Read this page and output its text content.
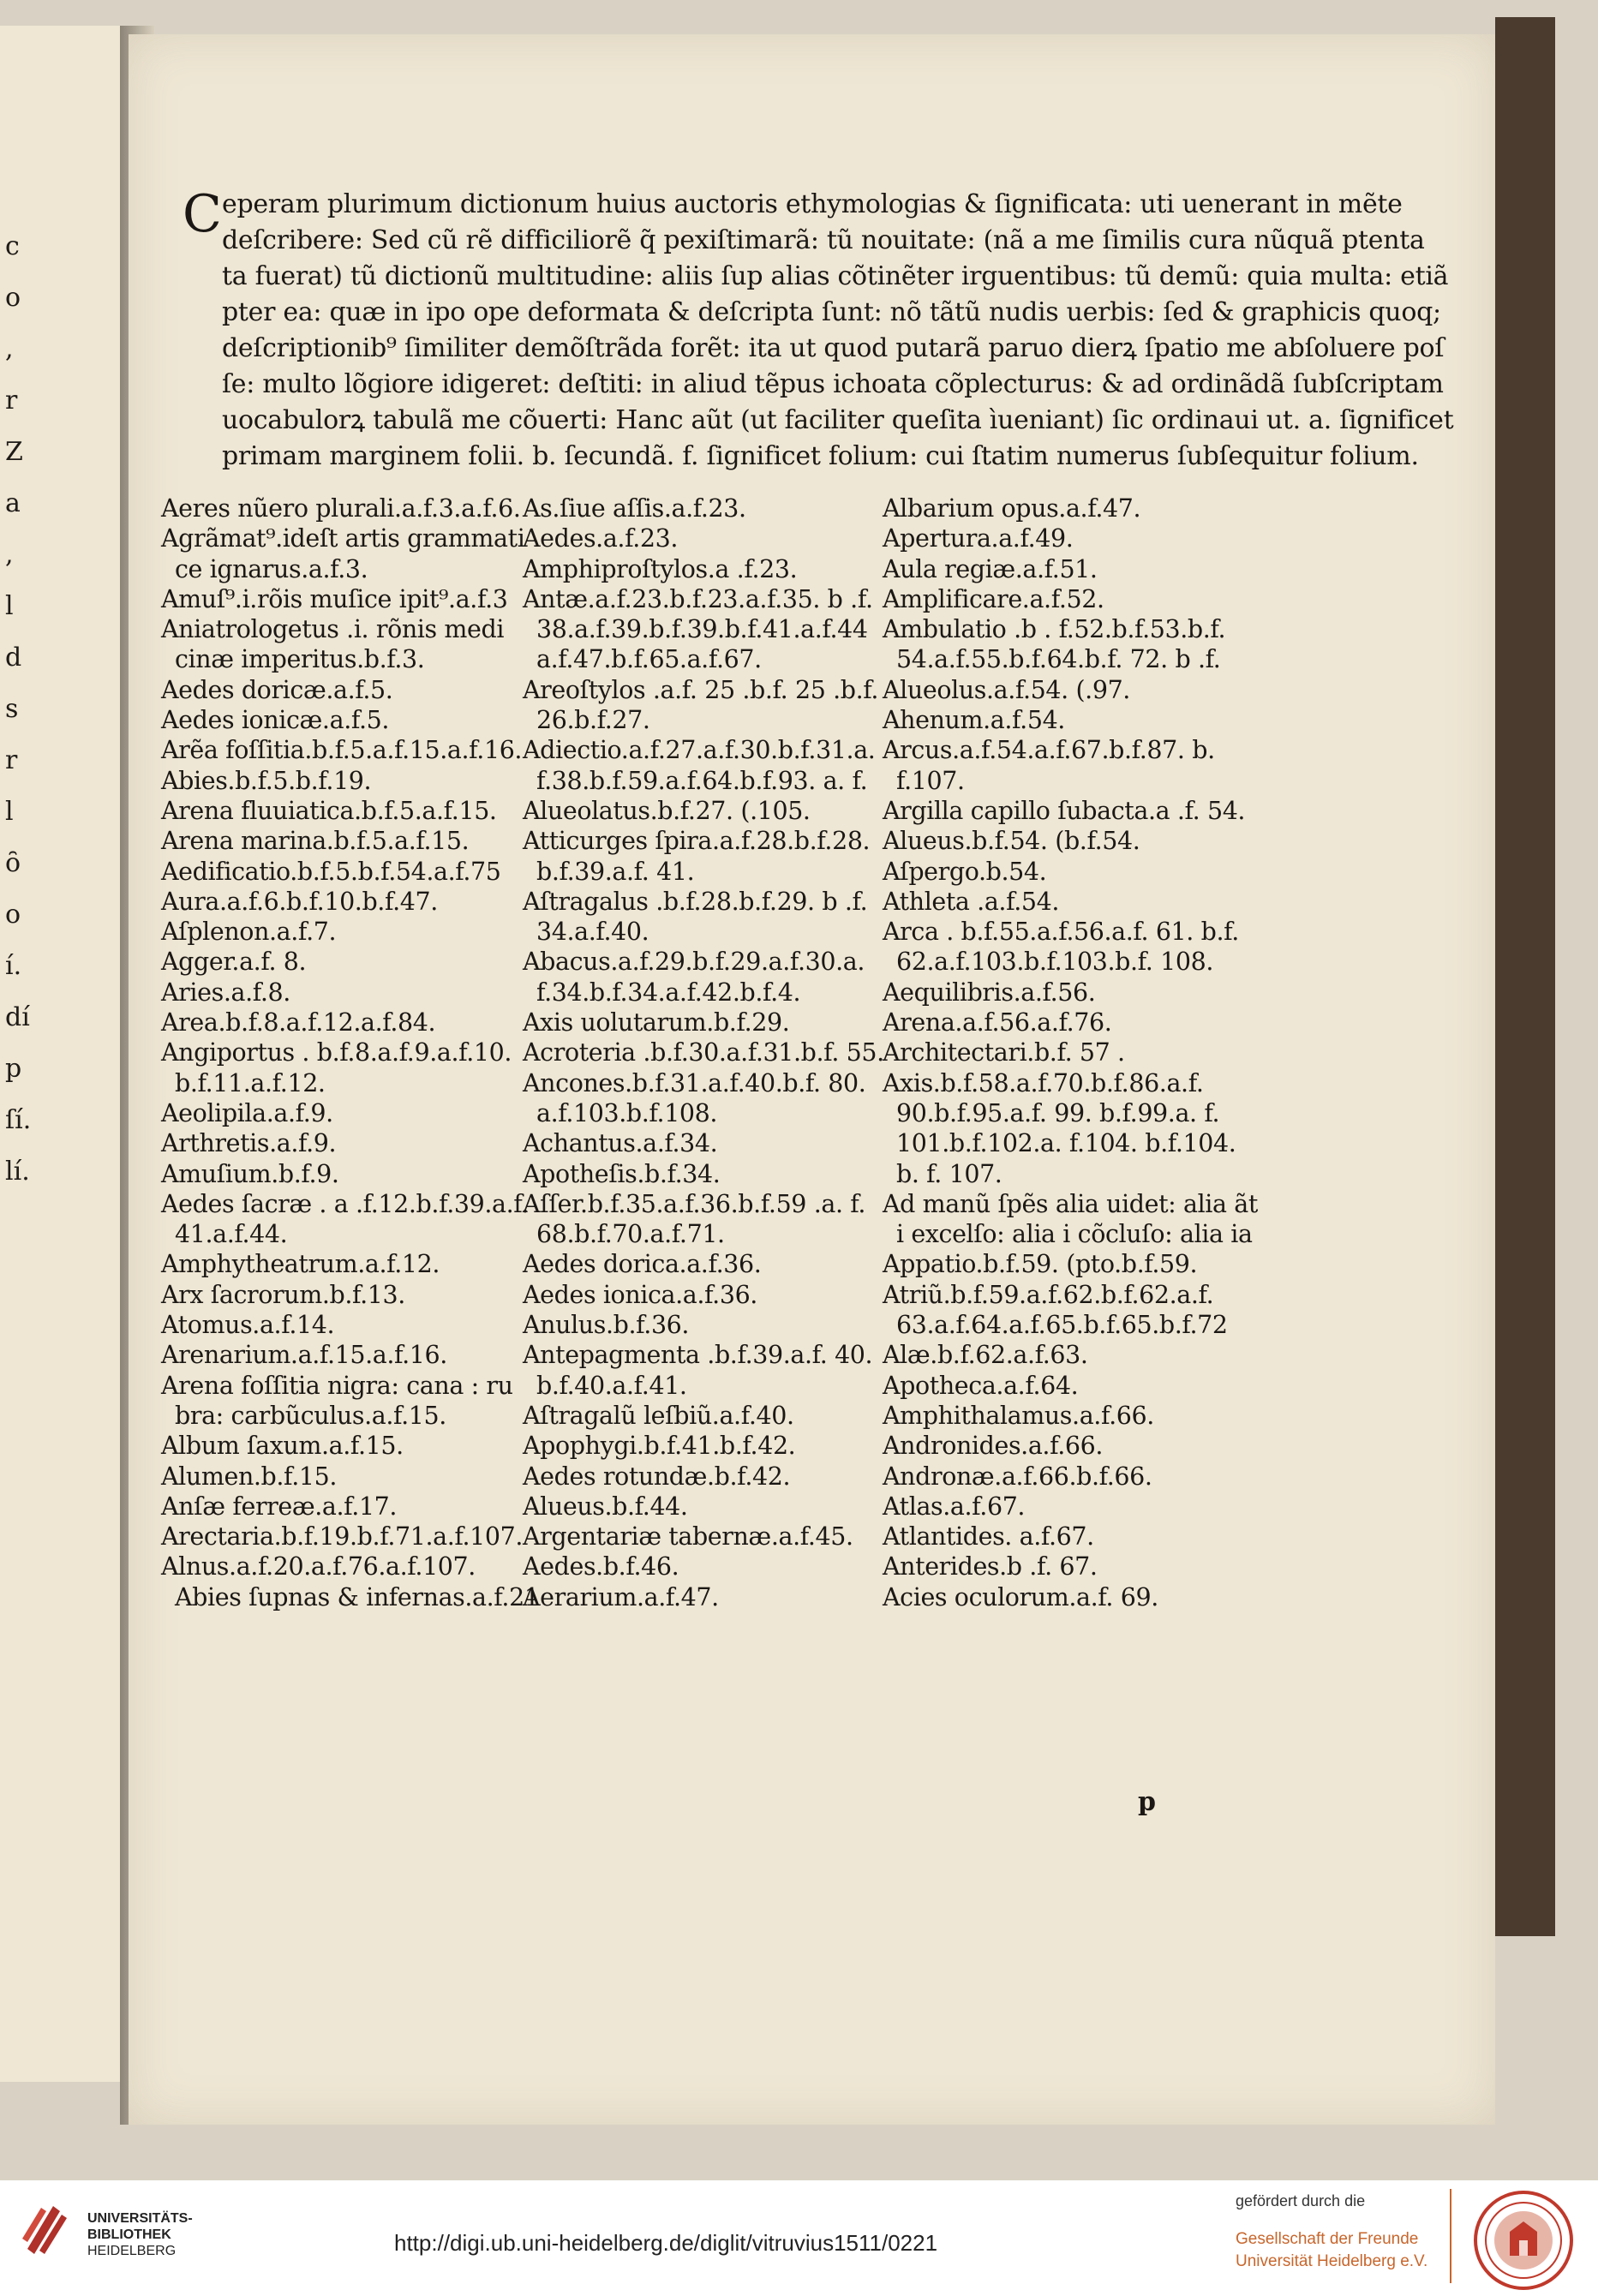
c
o
,
r
Z
a
,
l
d
s
r
l
ȏ
o
í.
dí
p
ſí.
lí.
C eperam plurimum dictionum huius auctoris ethymologias & ſignificata: uti uenerant in mẽte
deſcribere: Sed cũ rẽ difficiliorẽ q̃ pexiſtimarã: tũ nouitate: (nã a me ſimilis cura nũquã ptenta
ta fuerat) tũ dictionũ multitudine: aliis ſup alias cõtinẽter irguentibus: tũ demũ: quia multa: etiã
pter ea: quæ in ipo ope deformata & deſcripta ſunt: nõ tãtũ nudis uerbis: ſed & graphicis quoq;
deſcriptionib⁹ ſimiliter demõſtrãda forẽt: ita ut quod putarã paruo dierꝝ ſpatio me abſoluere poſ
ſe: multo lõgiore idigeret: deſtiti: in aliud tẽpus ichoata cõplecturus: & ad ordinãdã ſubſcriptam
uocabulorꝝ tabulã me cõuerti: Hanc aũt (ut faciliter queſita ìueniant) ſic ordinaui ut. a. ſignificet
primam marginem folii. b. ſecundã. f. ſignificet folium: cui ſtatim numerus ſubſequitur folium.
Aeres nũero plurali.a.f.3.a.f.6.
Agrãmat⁹.ideſt artis grammati
ce ignarus.a.f.3.
Amuſ⁹.i.rõis muſice ipit⁹.a.f.3
Aniatrologetus .i. rõnis medi
cinæ imperitus.b.f.3.
Aedes doricæ.a.f.5.
Aedes ionicæ.a.f.5.
Arẽa foſſitia.b.f.5.a.f.15.a.f.16.
Abies.b.f.5.b.f.19.
Arena fluuiatica.b.f.5.a.f.15.
Arena marina.b.f.5.a.f.15.
Aedificatio.b.f.5.b.f.54.a.f.75
Aura.a.f.6.b.f.10.b.f.47.
Aſplenon.a.f.7.
Agger.a.f. 8.
Aries.a.f.8.
Area.b.f.8.a.f.12.a.f.84.
Angiportus . b.f.8.a.f.9.a.f.10.
b.f.11.a.f.12.
Aeolipila.a.f.9.
Arthretis.a.f.9.
Amuſium.b.f.9.
Aedes ſacræ . a .f.12.b.f.39.a.f.
41.a.f.44.
Amphytheatrum.a.f.12.
Arx ſacrorum.b.f.13.
Atomus.a.f.14.
Arenarium.a.f.15.a.f.16.
Arena foſſitia nigra: cana : ru
bra: carbũculus.a.f.15.
Album ſaxum.a.f.15.
Alumen.b.f.15.
Anſæ ferreæ.a.f.17.
Arectaria.b.f.19.b.f.71.a.f.107.
Alnus.a.f.20.a.f.76.a.f.107.
Abies ſupnas & infernas.a.f.21
As.ſiue aſſis.a.f.23.
Aedes.a.f.23.
Amphiproſtylos.a .f.23.
Antæ.a.f.23.b.f.23.a.f.35. b .f.
38.a.f.39.b.f.39.b.f.41.a.f.44
a.f.47.b.f.65.a.f.67.
Areoſtylos .a.f. 25 .b.f. 25 .b.f.
26.b.f.27.
Adiectio.a.f.27.a.f.30.b.f.31.a.
f.38.b.f.59.a.f.64.b.f.93. a. f.
Alueolatus.b.f.27. (.105.
Atticurges ſpira.a.f.28.b.f.28.
b.f.39.a.f. 41.
Aſtragalus .b.f.28.b.f.29. b .f.
34.a.f.40.
Abacus.a.f.29.b.f.29.a.f.30.a.
f.34.b.f.34.a.f.42.b.f.4.
Axis uolutarum.b.f.29.
Acroteria .b.f.30.a.f.31.b.f. 55.
Ancones.b.f.31.a.f.40.b.f. 80.
a.f.103.b.f.108.
Achantus.a.f.34.
Apotheſis.b.f.34.
Aſſer.b.f.35.a.f.36.b.f.59 .a. f.
68.b.f.70.a.f.71.
Aedes dorica.a.f.36.
Aedes ionica.a.f.36.
Anulus.b.f.36.
Antepagmenta .b.f.39.a.f. 40.
b.f.40.a.f.41.
Aſtragalũ leſbiũ.a.f.40.
Apophygi.b.f.41.b.f.42.
Aedes rotundæ.b.f.42.
Alueus.b.f.44.
Argentariæ tabernæ.a.f.45.
Aedes.b.f.46.
Aerarium.a.f.47.
Albarium opus.a.f.47.
Apertura.a.f.49.
Aula regiæ.a.f.51.
Amplificare.a.f.52.
Ambulatio .b . f.52.b.f.53.b.f.
54.a.f.55.b.f.64.b.f. 72. b .f.
Alueolus.a.f.54. (.97.
Ahenum.a.f.54.
Arcus.a.f.54.a.f.67.b.f.87. b.
f.107.
Argilla capillo ſubacta.a .f. 54.
Alueus.b.f.54. (b.f.54.
Aſpergo.b.54.
Athleta .a.f.54.
Arca . b.f.55.a.f.56.a.f. 61. b.f.
62.a.f.103.b.f.103.b.f. 108.
Aequilibris.a.f.56.
Arena.a.f.56.a.f.76.
Architectari.b.f. 57 .
Axis.b.f.58.a.f.70.b.f.86.a.f.
90.b.f.95.a.f. 99. b.f.99.a. f.
101.b.f.102.a. f.104. b.f.104.
b. f. 107.
Ad manũ ſpẽs alia uidet: alia ãt
i excelſo: alia i cõcluſo: alia ia
Appatio.b.f.59. (pto.b.f.59.
Atriũ.b.f.59.a.f.62.b.f.62.a.f.
63.a.f.64.a.f.65.b.f.65.b.f.72
Alæ.b.f.62.a.f.63.
Apotheca.a.f.64.
Amphithalamus.a.f.66.
Andronides.a.f.66.
Andronæ.a.f.66.b.f.66.
Atlas.a.f.67.
Atlantides. a.f.67.
Anterides.b .f. 67.
Acies oculorum.a.f. 69.
p
UNIVERSITÄTS-
BIBLIOTHEK
HEIDELBERG	http://digi.ub.uni-heidelberg.de/diglit/vitruvius1511/0221
gefördert durch die
Gesellschaft der Freunde
Universität Heidelberg e.V.
